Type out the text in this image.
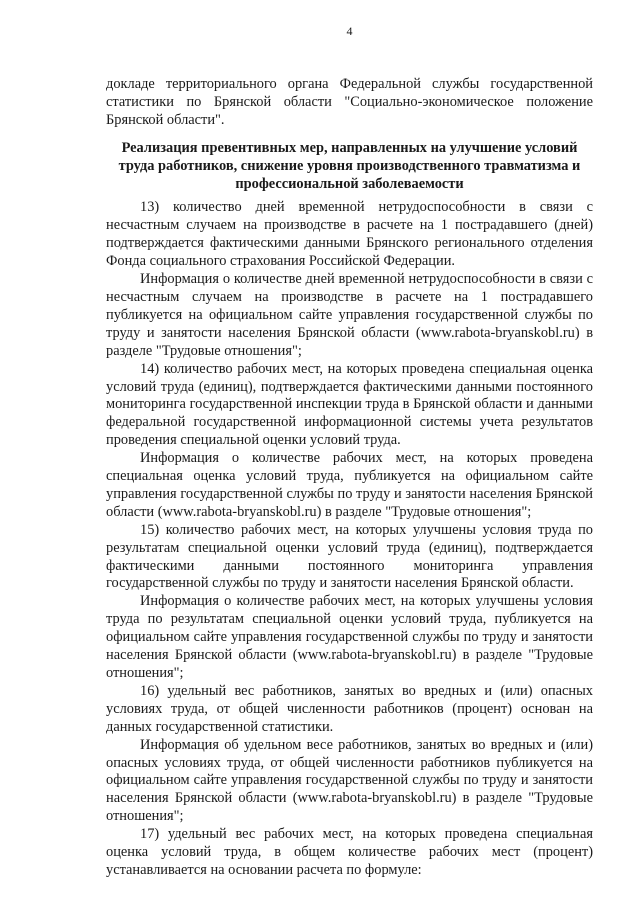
4

докладе территориального органа Федеральной службы государственной статистики по Брянской области "Социально-экономическое положение Брянской области".

Реализация превентивных мер, направленных на улучшение условий труда работников, снижение уровня производственного травматизма и профессиональной заболеваемости

13) количество дней временной нетрудоспособности в связи с несчастным случаем на производстве в расчете на 1 пострадавшего (дней) подтверждается фактическими данными Брянского регионального отделения Фонда социального страхования Российской Федерации.

Информация о количестве дней временной нетрудоспособности в связи с несчастным случаем на производстве в расчете на 1 пострадавшего публикуется на официальном сайте управления государственной службы по труду и занятости населения Брянской области (www.rabota-bryanskobl.ru) в разделе "Трудовые отношения";

14) количество рабочих мест, на которых проведена специальная оценка условий труда (единиц), подтверждается фактическими данными постоянного мониторинга государственной инспекции труда в Брянской области и данными федеральной государственной информационной системы учета результатов проведения специальной оценки условий труда.

Информация о количестве рабочих мест, на которых проведена специальная оценка условий труда, публикуется на официальном сайте управления государственной службы по труду и занятости населения Брянской области (www.rabota-bryanskobl.ru) в разделе "Трудовые отношения";

15) количество рабочих мест, на которых улучшены условия труда по результатам специальной оценки условий труда (единиц), подтверждается фактическими данными постоянного мониторинга управления государственной службы по труду и занятости населения Брянской области.

Информация о количестве рабочих мест, на которых улучшены условия труда по результатам специальной оценки условий труда, публикуется на официальном сайте управления государственной службы по труду и занятости населения Брянской области (www.rabota-bryanskobl.ru) в разделе "Трудовые отношения";

16) удельный вес работников, занятых во вредных и (или) опасных условиях труда, от общей численности работников (процент) основан на данных государственной статистики.

Информация об удельном весе работников, занятых во вредных и (или) опасных условиях труда, от общей численности работников публикуется на официальном сайте управления государственной службы по труду и занятости населения Брянской области (www.rabota-bryanskobl.ru) в разделе "Трудовые отношения";

17) удельный вес рабочих мест, на которых проведена специальная оценка условий труда, в общем количестве рабочих мест (процент) устанавливается на основании расчета по формуле:
